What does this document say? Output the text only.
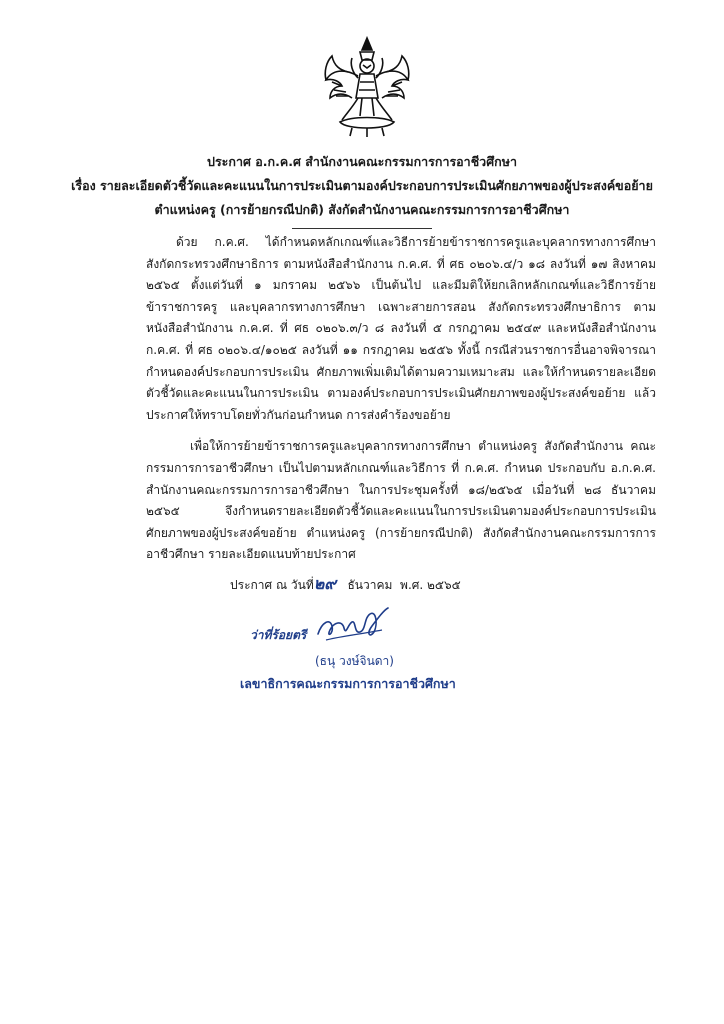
ประกาศ อ.ก.ค.ศ สำนักงานคณะกรรมการการอาชีวศึกษา
เรื่อง รายละเอียดตัวชี้วัดและคะแนนในการประเมินตามองค์ประกอบการประเมินศักยภาพของผู้ประสงค์ขอย้าย
ตำแหน่งครู (การย้ายกรณีปกติ) สังกัดสำนักงานคณะกรรมการการอาชีวศึกษา

ด้วย ก.ค.ศ. ได้กำหนดหลักเกณฑ์และวิธีการย้ายข้าราชการครูและบุคลากรทางการศึกษา สังกัดกระทรวงศึกษาธิการ ตามหนังสือสำนักงาน ก.ค.ศ. ที่ ศธ ๐๒๐๖.๔/ว ๑๘ ลงวันที่ ๑๗ สิงหาคม ๒๕๖๕ ตั้งแต่วันที่ ๑ มกราคม ๒๕๖๖ เป็นต้นไป และมีมติให้ยกเลิกหลักเกณฑ์และวิธีการย้ายข้าราชการครู และบุคลากรทางการศึกษา เฉพาะสายการสอน สังกัดกระทรวงศึกษาธิการ ตามหนังสือสำนักงาน ก.ค.ศ. ที่ ศธ ๐๒๐๖.๓/ว ๘ ลงวันที่ ๕ กรกฎาคม ๒๕๔๙ และหนังสือสำนักงาน ก.ค.ศ. ที่ ศธ ๐๒๐๖.๔/๑๐๒๕ ลงวันที่ ๑๑ กรกฎาคม ๒๕๕๖ ทั้งนี้ กรณีส่วนราชการอื่นอาจพิจารณากำหนดองค์ประกอบการประเมิน ศักยภาพเพิ่มเติมได้ตามความเหมาะสม และให้กำหนดรายละเอียดตัวชี้วัดและคะแนนในการประเมิน ตามองค์ประกอบการประเมินศักยภาพของผู้ประสงค์ขอย้าย แล้วประกาศให้ทราบโดยทั่วกันก่อนกำหนด การส่งคำร้องขอย้าย

เพื่อให้การย้ายข้าราชการครูและบุคลากรทางการศึกษา ตำแหน่งครู สังกัดสำนักงาน คณะกรรมการการอาชีวศึกษา เป็นไปตามหลักเกณฑ์และวิธีการ ที่ ก.ค.ศ. กำหนด ประกอบกับ อ.ก.ค.ศ. สำนักงานคณะกรรมการการอาชีวศึกษา ในการประชุมครั้งที่ ๑๘/๒๕๖๕ เมื่อวันที่ ๒๘ ธันวาคม ๒๕๖๕ จึงกำหนดรายละเอียดตัวชี้วัดและคะแนนในการประเมินตามองค์ประกอบการประเมินศักยภาพของผู้ประสงค์ขอย้าย ตำแหน่งครู (การย้ายกรณีปกติ) สังกัดสำนักงานคณะกรรมการการอาชีวศึกษา รายละเอียดแนบท้ายประกาศ

ประกาศ ณ วันที่๒๙ ธันวาคม  พ.ศ. ๒๕๖๕
ว่าที่ร้อยตรี
(ธนุ วงษ์จินดา)
เลขาธิการคณะกรรมการการอาชีวศึกษา
